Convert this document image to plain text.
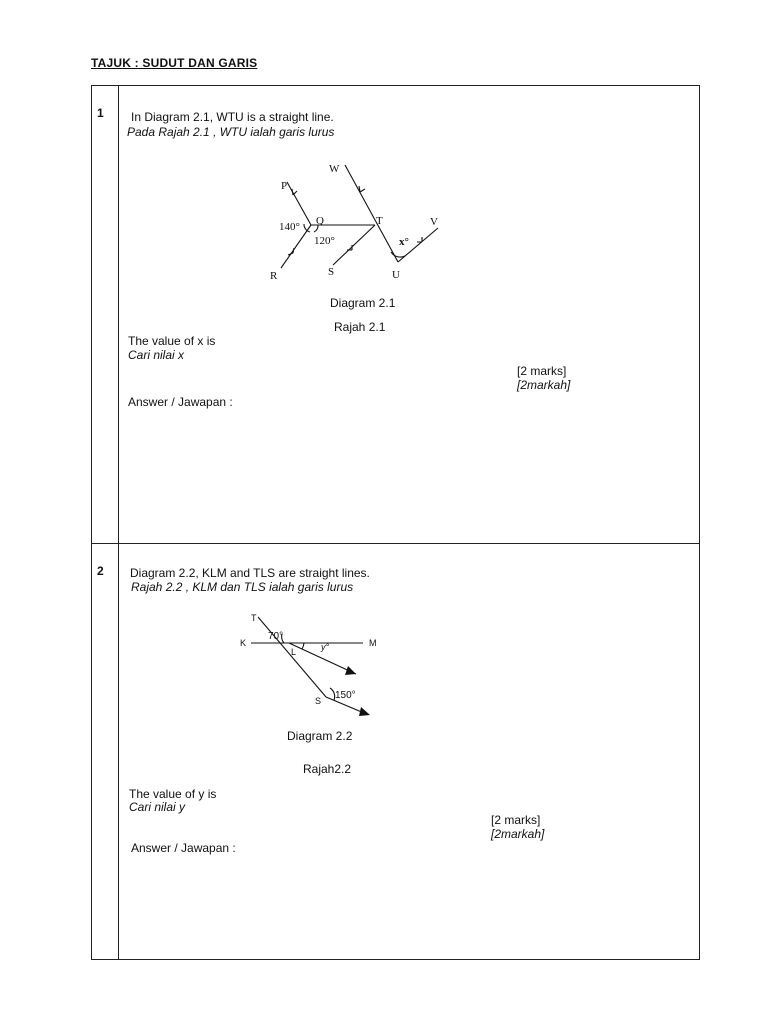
TAJUK : SUDUT DAN GARIS
1 In Diagram 2.1, WTU is a straight line.
Pada Rajah 2.1 , WTU ialah garis lurus
P
Q
R	S
T
U
V
W
140°
120°	x°
Diagram 2.1
Rajah 2.1
The value of x is
Cari nilai x
[2 marks]
[2markah]
Answer / Jawapan :
2 Diagram 2.2, KLM and TLS are straight lines.
Rajah 2.2 , KLM dan TLS ialah garis lurus
T
K
L
M
S
70°
y°
150°
Diagram 2.2
Rajah2.2
The value of y is
Cari nilai y
[2 marks]
[2markah]
Answer / Jawapan :
